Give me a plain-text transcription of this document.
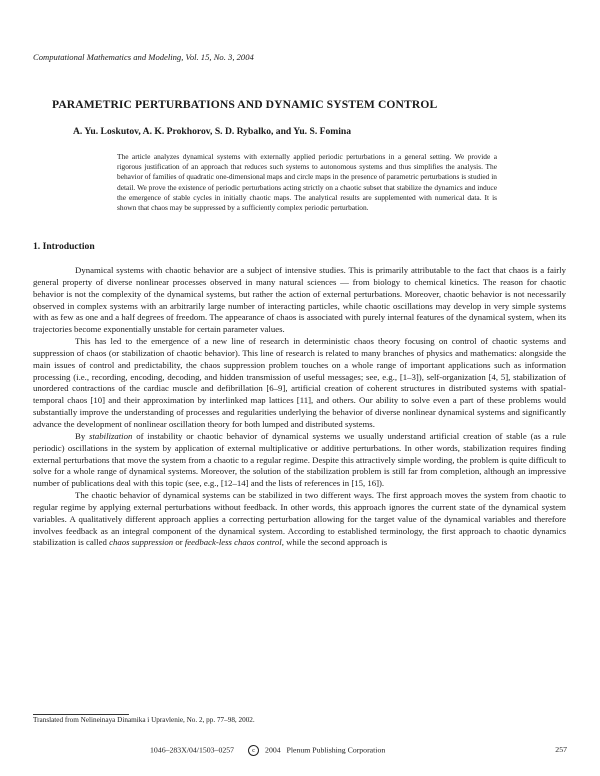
Computational Mathematics and Modeling, Vol. 15, No. 3, 2004
PARAMETRIC PERTURBATIONS AND DYNAMIC SYSTEM CONTROL
A. Yu. Loskutov, A. K. Prokhorov, S. D. Rybalko, and Yu. S. Fomina
The article analyzes dynamical systems with externally applied periodic perturbations in a general setting. We provide a rigorous justification of an approach that reduces such systems to autonomous systems and thus simplifies the analysis. The behavior of families of quadratic one-dimensional maps and circle maps in the presence of parametric perturbations is studied in detail. We prove the existence of periodic perturbations acting strictly on a chaotic subset that stabilize the dynamics and induce the emergence of stable cycles in initially chaotic maps. The analytical results are supplemented with numerical data. It is shown that chaos may be suppressed by a sufficiently complex periodic perturbation.
1. Introduction

Dynamical systems with chaotic behavior are a subject of intensive studies. This is primarily attributable to the fact that chaos is a fairly general property of diverse nonlinear processes observed in many natural sciences — from biology to chemical kinetics. The reason for chaotic behavior is not the complexity of the dynamical systems, but rather the action of external perturbations. Moreover, chaotic behavior is not necessarily observed in complex systems with an arbitrarily large number of interacting particles, while chaotic oscillations may develop in very simple systems with as few as one and a half degrees of freedom. The appearance of chaos is associated with purely internal features of the dynamical system, when its trajectories become exponentially unstable for certain parameter values.

This has led to the emergence of a new line of research in deterministic chaos theory focusing on control of chaotic systems and suppression of chaos (or stabilization of chaotic behavior). This line of research is related to many branches of physics and mathematics: alongside the main issues of control and predictability, the chaos suppression problem touches on a whole range of important applications such as information processing (i.e., recording, encoding, decoding, and hidden transmission of useful messages; see, e.g., [1–3]), self-organization [4, 5], stabilization of unordered contractions of the cardiac muscle and defibrillation [6–9], artificial creation of coherent structures in distributed systems with spatial-temporal chaos [10] and their approximation by interlinked map lattices [11], and others. Our ability to solve even a part of these problems would substantially improve the understanding of processes and regularities underlying the behavior of diverse nonlinear dynamical systems and significantly advance the development of nonlinear oscillation theory for both lumped and distributed systems.

By stabilization of instability or chaotic behavior of dynamical systems we usually understand artificial creation of stable (as a rule periodic) oscillations in the system by application of external multiplicative or additive perturbations. In other words, stabilization requires finding external perturbations that move the system from a chaotic to a regular regime. Despite this attractively simple wording, the problem is quite difficult to solve for a whole range of dynamical systems. Moreover, the solution of the stabilization problem is still far from completion, although an impressive number of publications deal with this topic (see, e.g., [12–14] and the lists of references in [15, 16]).

The chaotic behavior of dynamical systems can be stabilized in two different ways. The first approach moves the system from chaotic to regular regime by applying external perturbations without feedback. In other words, this approach ignores the current state of the dynamical system variables. A qualitatively different approach applies a correcting perturbation allowing for the target value of the dynamical variables and therefore involves feedback as an integral component of the dynamical system. According to established terminology, the first approach to chaotic dynamics stabilization is called chaos suppression or feedback-less chaos control, while the second approach is

Translated from Nelineinaya Dinamika i Upravlenie, No. 2, pp. 77–98, 2002.
1046–283X/04/1503–0257	c 2004 Plenum Publishing Corporation	257
